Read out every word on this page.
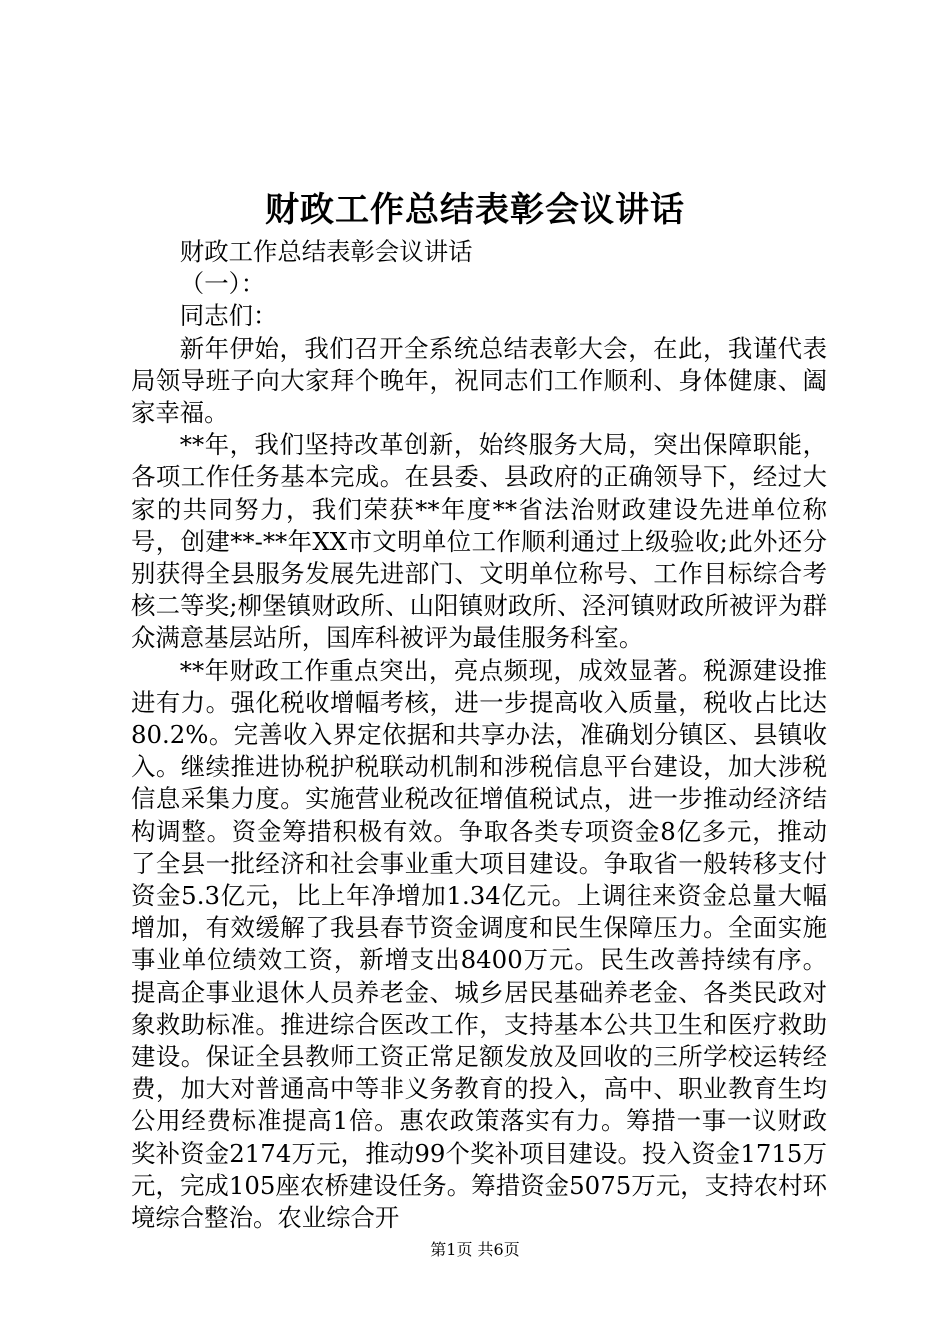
财政工作总结表彰会议讲话

财政工作总结表彰会议讲话

（一）：

同志们：

新年伊始，我们召开全系统总结表彰大会，在此，我谨代表局领导班子向大家拜个晚年，祝同志们工作顺利、身体健康、阖家幸福。

**年，我们坚持改革创新，始终服务大局，突出保障职能，各项工作任务基本完成。在县委、县政府的正确领导下，经过大家的共同努力，我们荣获**年度**省法治财政建设先进单位称号，创建**-**年XX市文明单位工作顺利通过上级验收;此外还分别获得全县服务发展先进部门、文明单位称号、工作目标综合考核二等奖;柳堡镇财政所、山阳镇财政所、泾河镇财政所被评为群众满意基层站所，国库科被评为最佳服务科室。

**年财政工作重点突出，亮点频现，成效显著。税源建设推进有力。强化税收增幅考核，进一步提高收入质量，税收占比达80.2%。完善收入界定依据和共享办法，准确划分镇区、县镇收入。继续推进协税护税联动机制和涉税信息平台建设，加大涉税信息采集力度。实施营业税改征增值税试点，进一步推动经济结构调整。资金筹措积极有效。争取各类专项资金8亿多元，推动了全县一批经济和社会事业重大项目建设。争取省一般转移支付资金5.3亿元，比上年净增加1.34亿元。上调往来资金总量大幅增加，有效缓解了我县春节资金调度和民生保障压力。全面实施事业单位绩效工资，新增支出8400万元。民生改善持续有序。提高企事业退休人员养老金、城乡居民基础养老金、各类民政对象救助标准。推进综合医改工作，支持基本公共卫生和医疗救助建设。保证全县教师工资正常足额发放及回收的三所学校运转经费，加大对普通高中等非义务教育的投入，高中、职业教育生均公用经费标准提高1倍。惠农政策落实有力。筹措一事一议财政奖补资金2174万元，推动99个奖补项目建设。投入资金1715万元，完成105座农桥建设任务。筹措资金5075万元，支持农村环境综合整治。农业综合开

第1页 共6页
